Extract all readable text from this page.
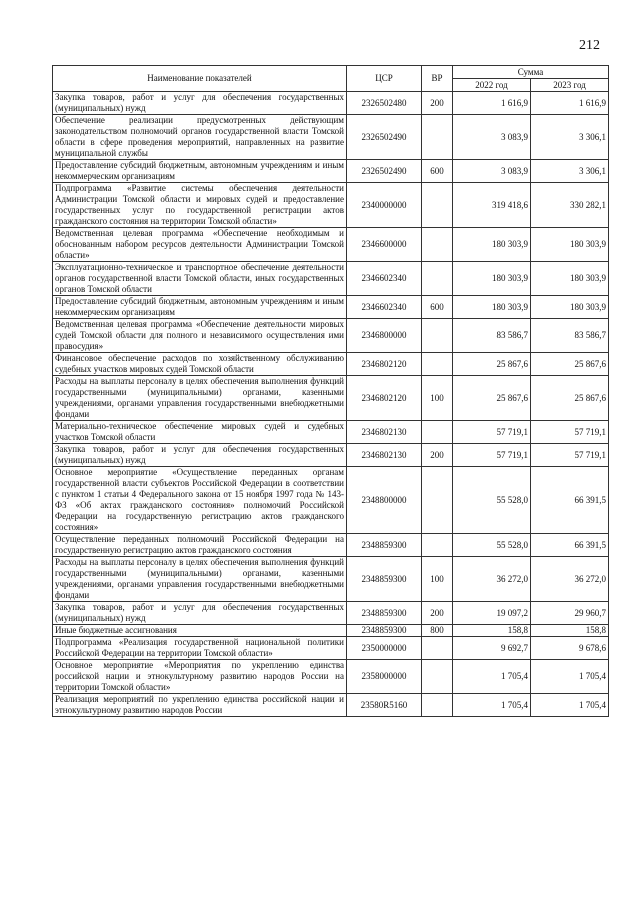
212
Наименование показателей	ЦСР	ВР	Сумма	
			2022 год	2023 год
Закупка товаров, работ и услуг для обеспечения государственных (муниципальных) нужд	2326502480	200	1 616,9	1 616,9
Обеспечение реализации предусмотренных действующим законодательством полномочий органов государственной власти Томской области в сфере проведения мероприятий, направленных на развитие муниципальной службы	2326502490		3 083,9	3 306,1
Предоставление субсидий бюджетным, автономным учреждениям и иным некоммерческим организациям	2326502490	600	3 083,9	3 306,1
Подпрограмма «Развитие системы обеспечения деятельности Администрации Томской области и мировых судей и предоставление государственных услуг по государственной регистрации актов гражданского состояния на территории Томской области»	2340000000		319 418,6	330 282,1
Ведомственная целевая программа «Обеспечение необходимым и обоснованным набором ресурсов деятельности Администрации Томской области»	2346600000		180 303,9	180 303,9
Эксплуатационно-техническое и транспортное обеспечение деятельности органов государственной власти Томской области, иных государственных органов Томской области	2346602340		180 303,9	180 303,9
Предоставление субсидий бюджетным, автономным учреждениям и иным некоммерческим организациям	2346602340	600	180 303,9	180 303,9
Ведомственная целевая программа «Обеспечение деятельности мировых судей Томской области для полного и независимого осуществления ими правосудия»	2346800000		83 586,7	83 586,7
Финансовое обеспечение расходов по хозяйственному обслуживанию судебных участков мировых судей Томской области	2346802120		25 867,6	25 867,6
Расходы на выплаты персоналу в целях обеспечения выполнения функций государственными (муниципальными) органами, казенными учреждениями, органами управления государственными внебюджетными фондами	2346802120	100	25 867,6	25 867,6
Материально-техническое обеспечение мировых судей и судебных участков Томской области	2346802130		57 719,1	57 719,1
Закупка товаров, работ и услуг для обеспечения государственных (муниципальных) нужд	2346802130	200	57 719,1	57 719,1
Основное мероприятие «Осуществление переданных органам государственной власти субъектов Российской Федерации в соответствии с пунктом 1 статьи 4 Федерального закона от 15 ноября 1997 года № 143-ФЗ «Об актах гражданского состояния» полномочий Российской Федерации на государственную регистрацию актов гражданского состояния»	2348800000		55 528,0	66 391,5
Осуществление переданных полномочий Российской Федерации на государственную регистрацию актов гражданского состояния	2348859300		55 528,0	66 391,5
Расходы на выплаты персоналу в целях обеспечения выполнения функций государственными (муниципальными) органами, казенными учреждениями, органами управления государственными внебюджетными фондами	2348859300	100	36 272,0	36 272,0
Закупка товаров, работ и услуг для обеспечения государственных (муниципальных) нужд	2348859300	200	19 097,2	29 960,7
Иные бюджетные ассигнования	2348859300	800	158,8	158,8
Подпрограмма «Реализация государственной национальной политики Российской Федерации на территории Томской области»	2350000000		9 692,7	9 678,6
Основное мероприятие «Мероприятия по укреплению единства российской нации и этнокультурному развитию народов России на территории Томской области»	2358000000		1 705,4	1 705,4
Реализация мероприятий по укреплению единства российской нации и этнокультурному развитию народов России	23580R5160		1 705,4	1 705,4
